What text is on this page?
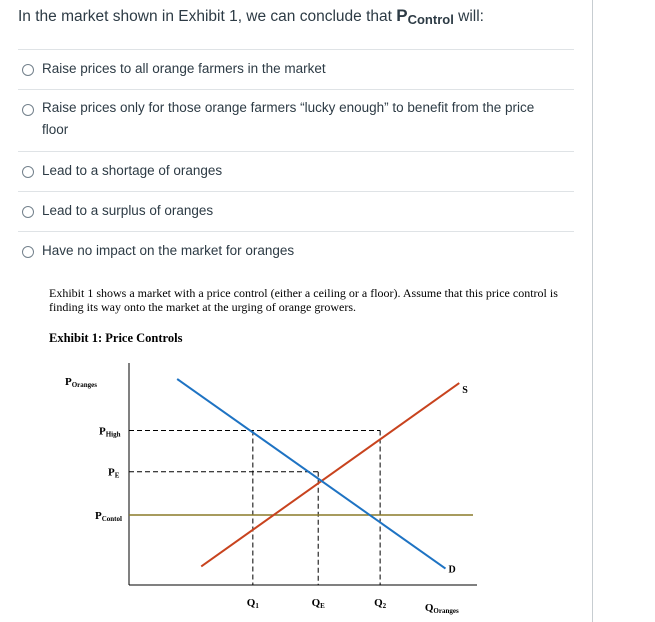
In the market shown in Exhibit 1, we can conclude that $P_{Control}$ will:
Raise prices to all orange farmers in the market
Raise prices only for those orange farmers “lucky enough” to benefit from the price floor
Lead to a shortage of oranges
Lead to a surplus of oranges
Have no impact on the market for oranges
Exhibit 1 shows a market with a price control (either a ceiling or a floor). Assume that this price control is finding its way onto the market at the urging of orange growers.
Exhibit 1: Price Controls
S
D
POranges
QOranges
PHigh
PE
PContol
Q1	QE	Q2
